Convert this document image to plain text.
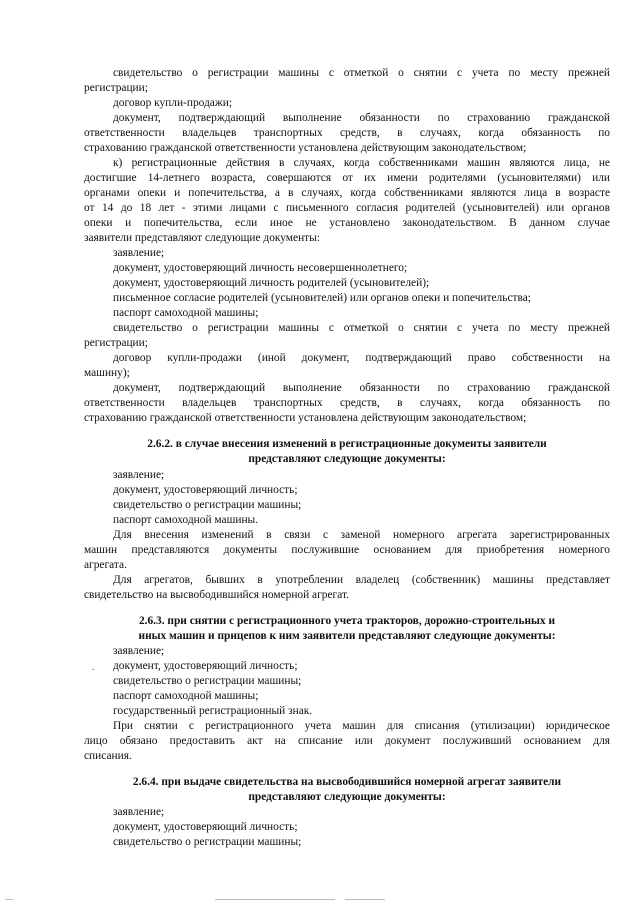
свидетельство о регистрации машины с отметкой о снятии с учета по месту прежней
регистрации;
договор купли-продажи;
документ, подтверждающий выполнение обязанности по страхованию гражданской
ответственности владельцев транспортных средств, в случаях, когда обязанность по
страхованию гражданской ответственности установлена действующим законодательством;
к) регистрационные действия в случаях, когда собственниками машин являются лица, не
достигшие 14-летнего возраста, совершаются от их имени родителями (усыновителями) или
органами опеки и попечительства, а в случаях, когда собственниками являются лица в возрасте
от 14 до 18 лет - этими лицами с письменного согласия родителей (усыновителей) или органов
опеки и попечительства, если иное не установлено законодательством. В данном случае
заявители представляют следующие документы:
заявление;
документ, удостоверяющий личность несовершеннолетнего;
документ, удостоверяющий личность родителей (усыновителей);
письменное согласие родителей (усыновителей) или органов опеки и попечительства;
паспорт самоходной машины;
свидетельство о регистрации машины с отметкой о снятии с учета по месту прежней
регистрации;
договор купли-продажи (иной документ, подтверждающий право собственности на
машину);
документ, подтверждающий выполнение обязанности по страхованию гражданской
ответственности владельцев транспортных средств, в случаях, когда обязанность по
страхованию гражданской ответственности установлена действующим законодательством;
2.6.2. в случае внесения изменений в регистрационные документы заявители
представляют следующие документы:
заявление;
документ, удостоверяющий личность;
свидетельство о регистрации машины;
паспорт самоходной машины.
Для внесения изменений в связи с заменой номерного агрегата зарегистрированных
машин представляются документы послужившие основанием для приобретения номерного
агрегата.
Для агрегатов, бывших в употреблении владелец (собственник) машины представляет
свидетельство на высвободившийся номерной агрегат.
2.6.3. при снятии с регистрационного учета тракторов, дорожно-строительных и
иных машин и прицепов к ним заявители представляют следующие документы:
заявление;
. документ, удостоверяющий личность;
свидетельство о регистрации машины;
паспорт самоходной машины;
государственный регистрационный знак.
При снятии с регистрационного учета машин для списания (утилизации) юридическое
лицо обязано предоставить акт на списание или документ послуживший основанием для
списания.
2.6.4. при выдаче свидетельства на высвободившийся номерной агрегат заявители
представляют следующие документы:
заявление;
документ, удостоверяющий личность;
свидетельство о регистрации машины;
